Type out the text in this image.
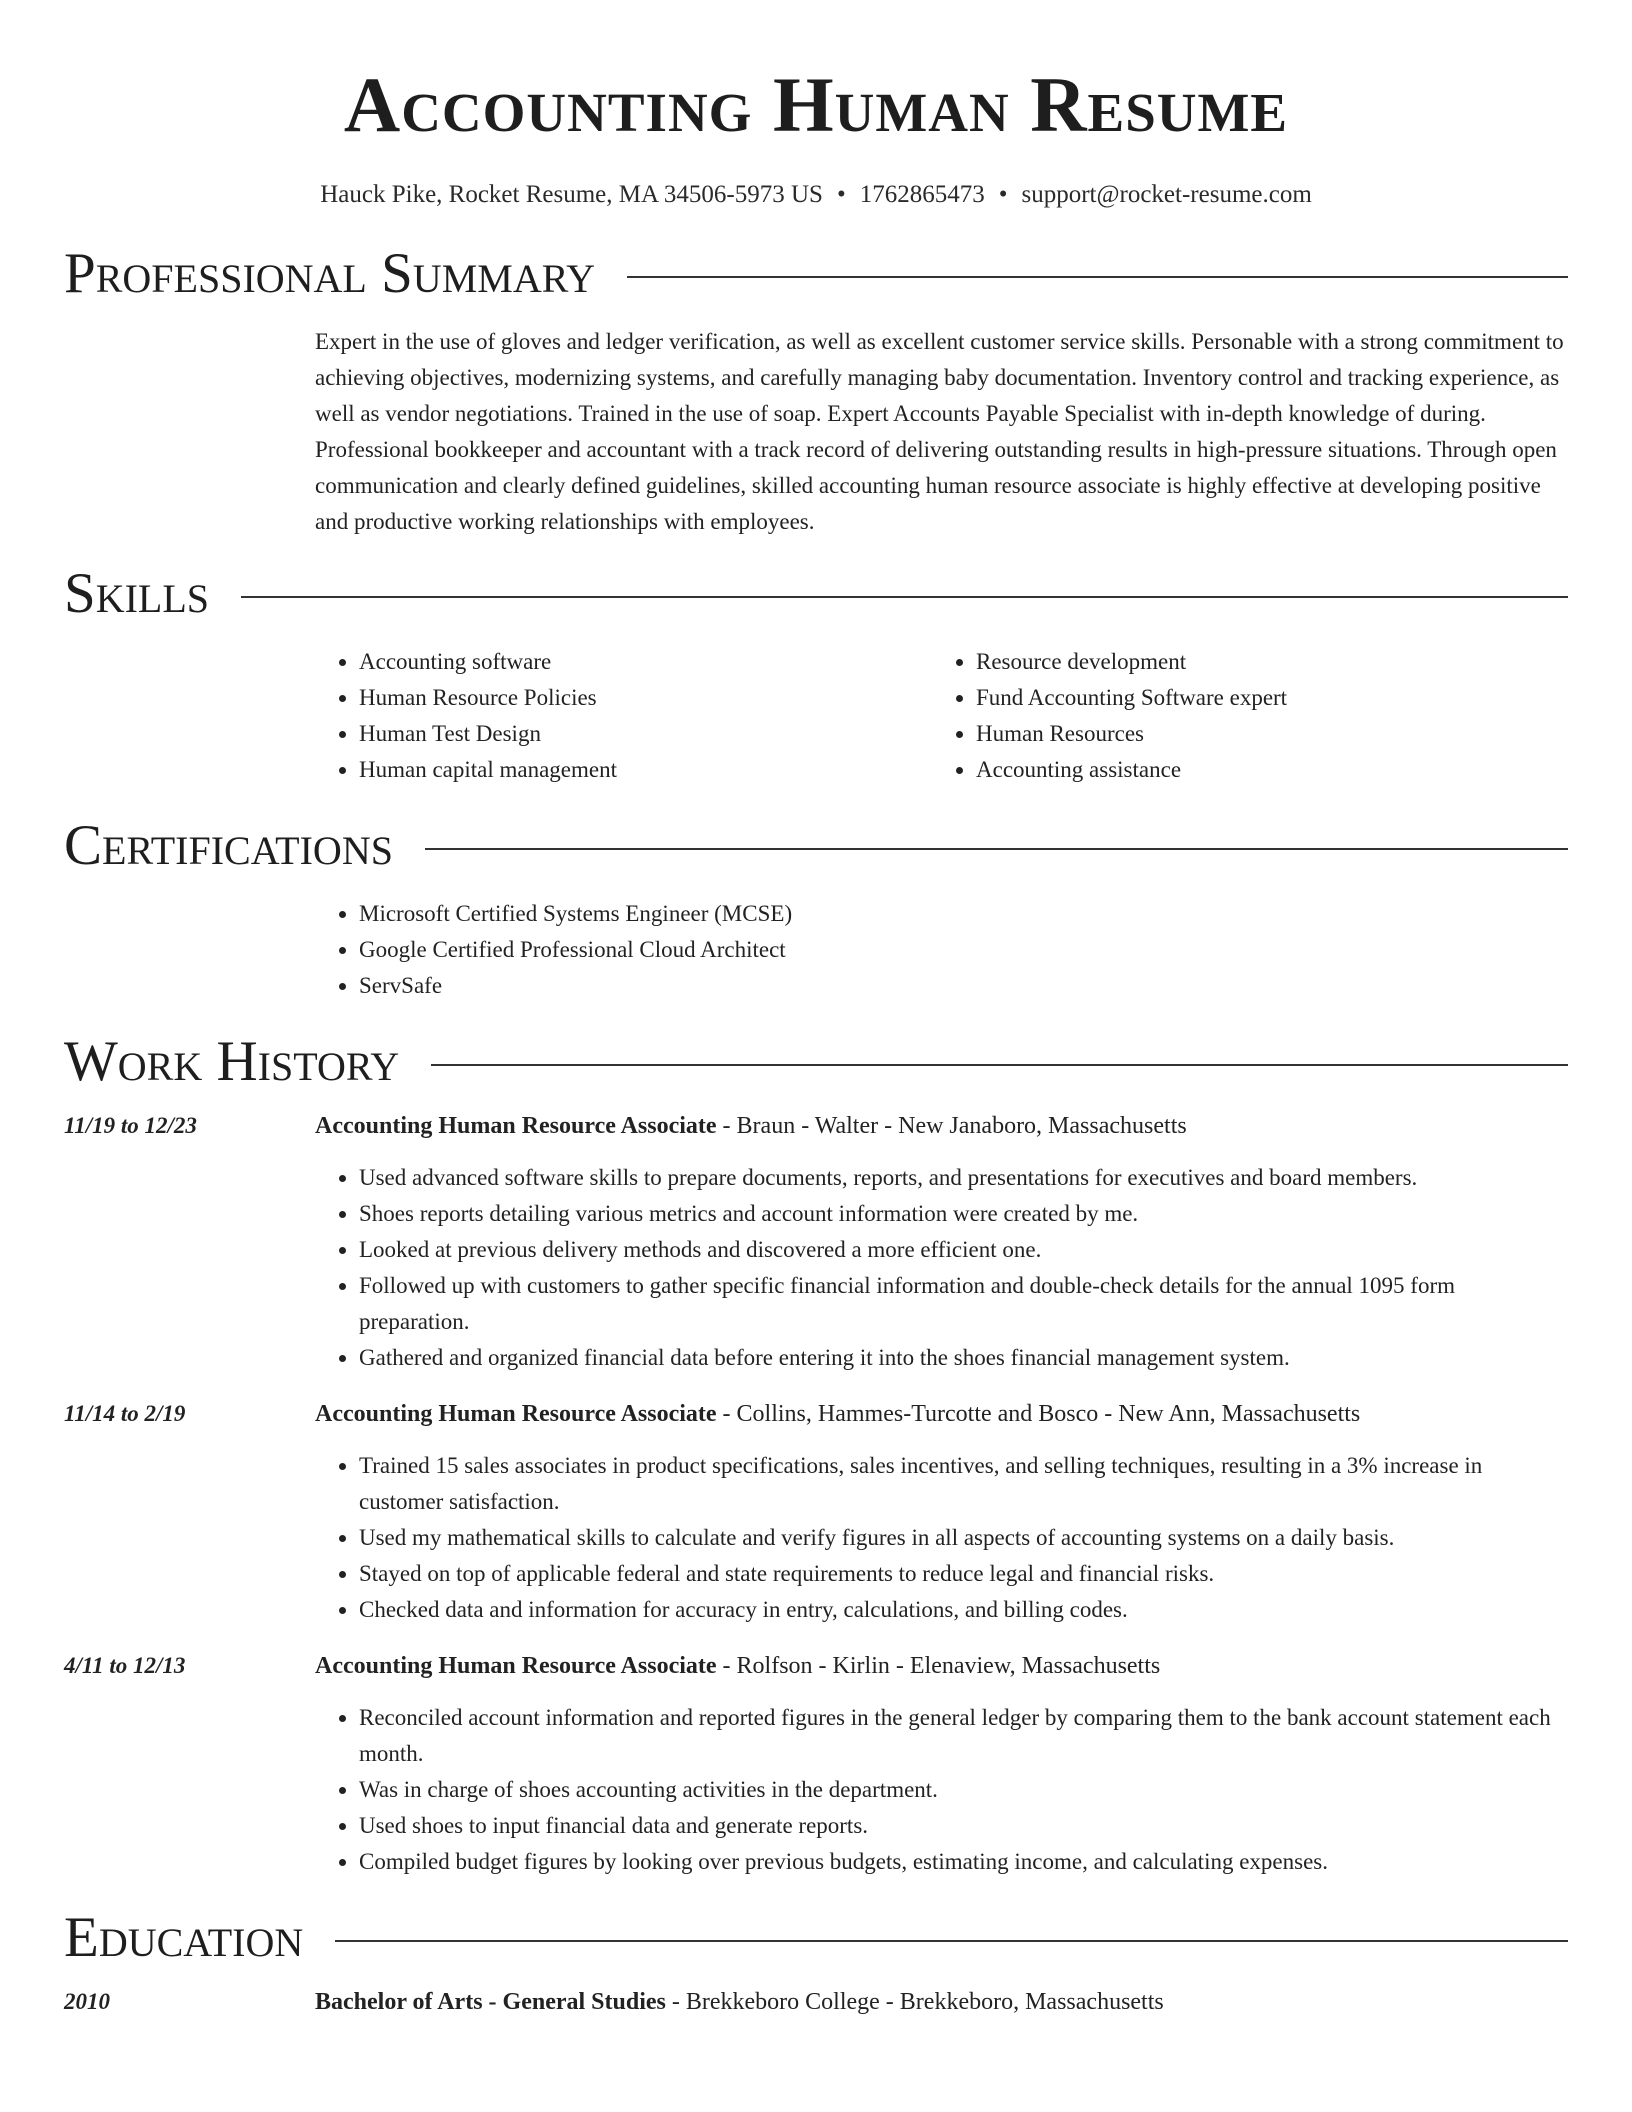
Accounting Human Resume
Hauck Pike, Rocket Resume, MA 34506-5973 US • 1762865473 • support@rocket-resume.com
Professional Summary
Expert in the use of gloves and ledger verification, as well as excellent customer service skills. Personable with a strong commitment to achieving objectives, modernizing systems, and carefully managing baby documentation. Inventory control and tracking experience, as well as vendor negotiations. Trained in the use of soap. Expert Accounts Payable Specialist with in-depth knowledge of during. Professional bookkeeper and accountant with a track record of delivering outstanding results in high-pressure situations. Through open communication and clearly defined guidelines, skilled accounting human resource associate is highly effective at developing positive and productive working relationships with employees.
Skills
• Accounting software
• Human Resource Policies
• Human Test Design
• Human capital management
• Resource development
• Fund Accounting Software expert
• Human Resources
• Accounting assistance
Certifications
• Microsoft Certified Systems Engineer (MCSE)
• Google Certified Professional Cloud Architect
• ServSafe
Work History
11/19 to 12/23	Accounting Human Resource Associate - Braun - Walter - New Janaboro, Massachusetts
• Used advanced software skills to prepare documents, reports, and presentations for executives and board members.
• Shoes reports detailing various metrics and account information were created by me.
• Looked at previous delivery methods and discovered a more efficient one.
• Followed up with customers to gather specific financial information and double-check details for the annual 1095 form preparation.
• Gathered and organized financial data before entering it into the shoes financial management system.
11/14 to 2/19	Accounting Human Resource Associate - Collins, Hammes-Turcotte and Bosco - New Ann, Massachusetts
• Trained 15 sales associates in product specifications, sales incentives, and selling techniques, resulting in a 3% increase in customer satisfaction.
• Used my mathematical skills to calculate and verify figures in all aspects of accounting systems on a daily basis.
• Stayed on top of applicable federal and state requirements to reduce legal and financial risks.
• Checked data and information for accuracy in entry, calculations, and billing codes.
4/11 to 12/13	Accounting Human Resource Associate - Rolfson - Kirlin - Elenaview, Massachusetts
• Reconciled account information and reported figures in the general ledger by comparing them to the bank account statement each month.
• Was in charge of shoes accounting activities in the department.
• Used shoes to input financial data and generate reports.
• Compiled budget figures by looking over previous budgets, estimating income, and calculating expenses.
Education
2010	Bachelor of Arts - General Studies - Brekkeboro College - Brekkeboro, Massachusetts
